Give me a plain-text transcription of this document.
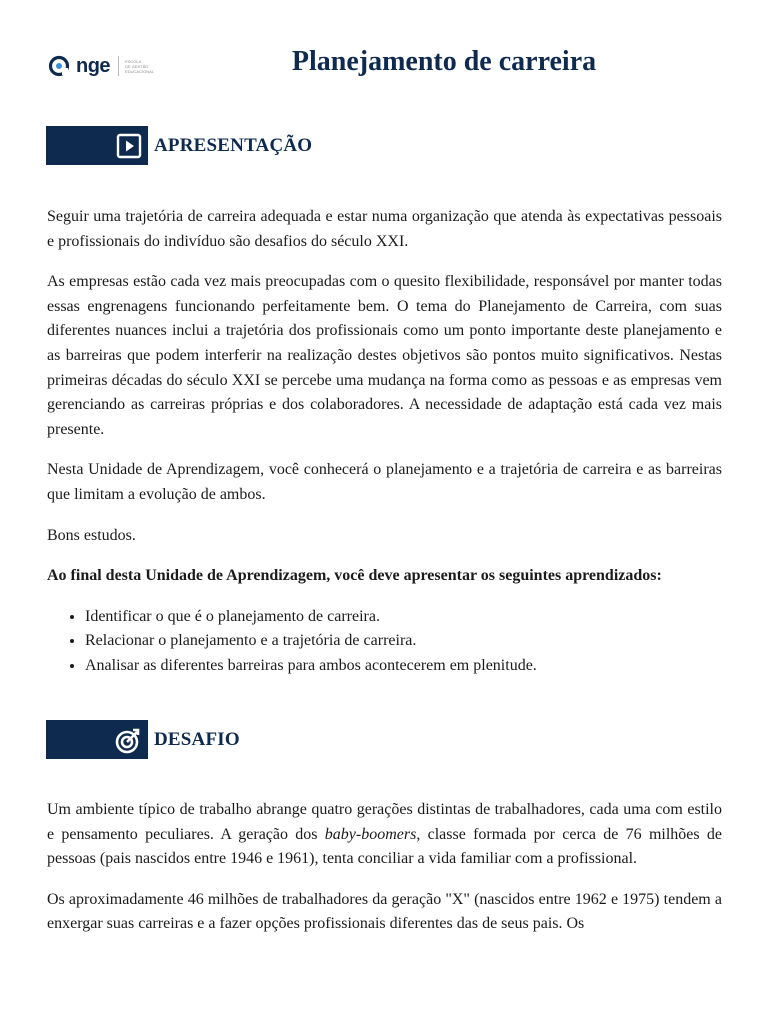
nge	ESCOLA
DE GESTÃO
EDUCACIONAL	Planejamento de carreira
APRESENTAÇÃO

Seguir uma trajetória de carreira adequada e estar numa organização que atenda às expectativas pessoais e profissionais do indivíduo são desafios do século XXI.

As empresas estão cada vez mais preocupadas com o quesito flexibilidade, responsável por manter todas essas engrenagens funcionando perfeitamente bem. O tema do Planejamento de Carreira, com suas diferentes nuances inclui a trajetória dos profissionais como um ponto importante deste planejamento e as barreiras que podem interferir na realização destes objetivos são pontos muito significativos. Nestas primeiras décadas do século XXI se percebe uma mudança na forma como as pessoas e as empresas vem gerenciando as carreiras próprias e dos colaboradores. A necessidade de adaptação está cada vez mais presente.

Nesta Unidade de Aprendizagem, você conhecerá o planejamento e a trajetória de carreira e as barreiras que limitam a evolução de ambos.

Bons estudos.

Ao final desta Unidade de Aprendizagem, você deve apresentar os seguintes aprendizados:

• Identificar o que é o planejamento de carreira.
• Relacionar o planejamento e a trajetória de carreira.
• Analisar as diferentes barreiras para ambos acontecerem em plenitude.
DESAFIO

Um ambiente típico de trabalho abrange quatro gerações distintas de trabalhadores, cada uma com estilo e pensamento peculiares. A geração dos baby-boomers, classe formada por cerca de 76 milhões de pessoas (pais nascidos entre 1946 e 1961), tenta conciliar a vida familiar com a profissional.

Os aproximadamente 46 milhões de trabalhadores da geração "X" (nascidos entre 1962 e 1975) tendem a enxergar suas carreiras e a fazer opções profissionais diferentes das de seus pais. Os
